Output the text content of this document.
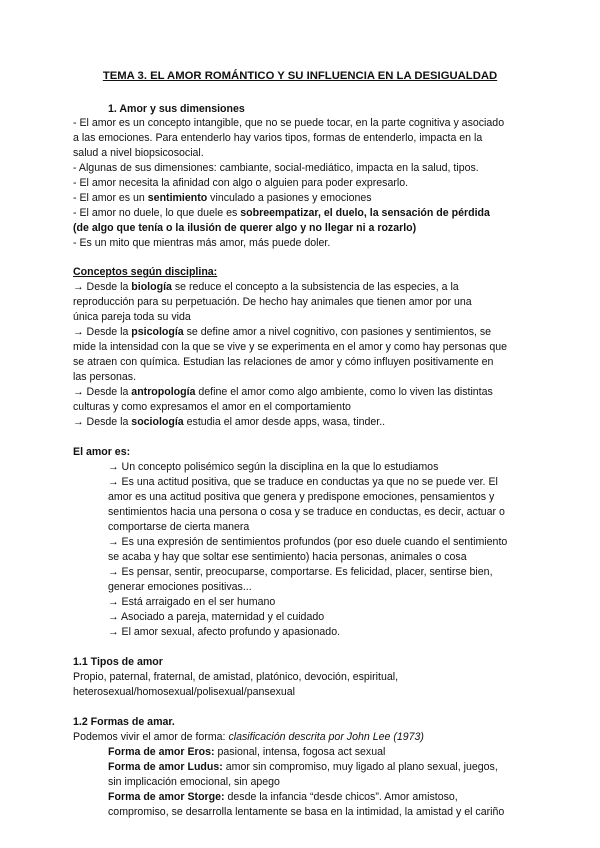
TEMA 3. EL AMOR ROMÁNTICO Y SU INFLUENCIA EN LA DESIGUALDAD
1. Amor y sus dimensiones
- El amor es un concepto intangible, que no se puede tocar, en la parte cognitiva y asociado
a las emociones. Para entenderlo hay varios tipos, formas de entenderlo, impacta en la
salud a nivel biopsicosocial.
- Algunas de sus dimensiones: cambiante, social-mediático, impacta en la salud, tipos.
- El amor necesita la afinidad con algo o alguien para poder expresarlo.
- El amor es un sentimiento vinculado a pasiones y emociones
- El amor no duele, lo que duele es sobreempatizar, el duelo, la sensación de pérdida
(de algo que tenía o la ilusión de querer algo y no llegar ni a rozarlo)
- Es un mito que mientras más amor, más puede doler.
Conceptos según disciplina:
→ Desde la biología se reduce el concepto a la subsistencia de las especies, a la
reproducción para su perpetuación. De hecho hay animales que tienen amor por una
única pareja toda su vida
→ Desde la psicología se define amor a nivel cognitivo, con pasiones y sentimientos, se
mide la intensidad con la que se vive y se experimenta en el amor y como hay personas que
se atraen con química. Estudian las relaciones de amor y cómo influyen positivamente en
las personas.
→ Desde la antropología define el amor como algo ambiente, como lo viven las distintas
culturas y como expresamos el amor en el comportamiento
→ Desde la sociología estudia el amor desde apps, wasa, tinder..
El amor es:
→ Un concepto polisémico según la disciplina en la que lo estudiamos
→ Es una actitud positiva, que se traduce en conductas ya que no se puede ver. El
amor es una actitud positiva que genera y predispone emociones, pensamientos y
sentimientos hacia una persona o cosa y se traduce en conductas, es decir, actuar o
comportarse de cierta manera
→ Es una expresión de sentimientos profundos (por eso duele cuando el sentimiento
se acaba y hay que soltar ese sentimiento) hacia personas, animales o cosa
→ Es pensar, sentir, preocuparse, comportarse. Es felicidad, placer, sentirse bien,
generar emociones positivas...
→ Está arraigado en el ser humano
→ Asociado a pareja, maternidad y el cuidado
→ El amor sexual, afecto profundo y apasionado.
1.1 Tipos de amor
Propio, paternal, fraternal, de amistad, platónico, devoción, espiritual,
heterosexual/homosexual/polisexual/pansexual
1.2 Formas de amar.
Podemos vivir el amor de forma: clasificación descrita por John Lee (1973)
Forma de amor Eros: pasional, intensa, fogosa act sexual
Forma de amor Ludus: amor sin compromiso, muy ligado al plano sexual, juegos,
sin implicación emocional, sin apego
Forma de amor Storge: desde la infancia “desde chicos”. Amor amistoso,
compromiso, se desarrolla lentamente se basa en la intimidad, la amistad y el cariño
